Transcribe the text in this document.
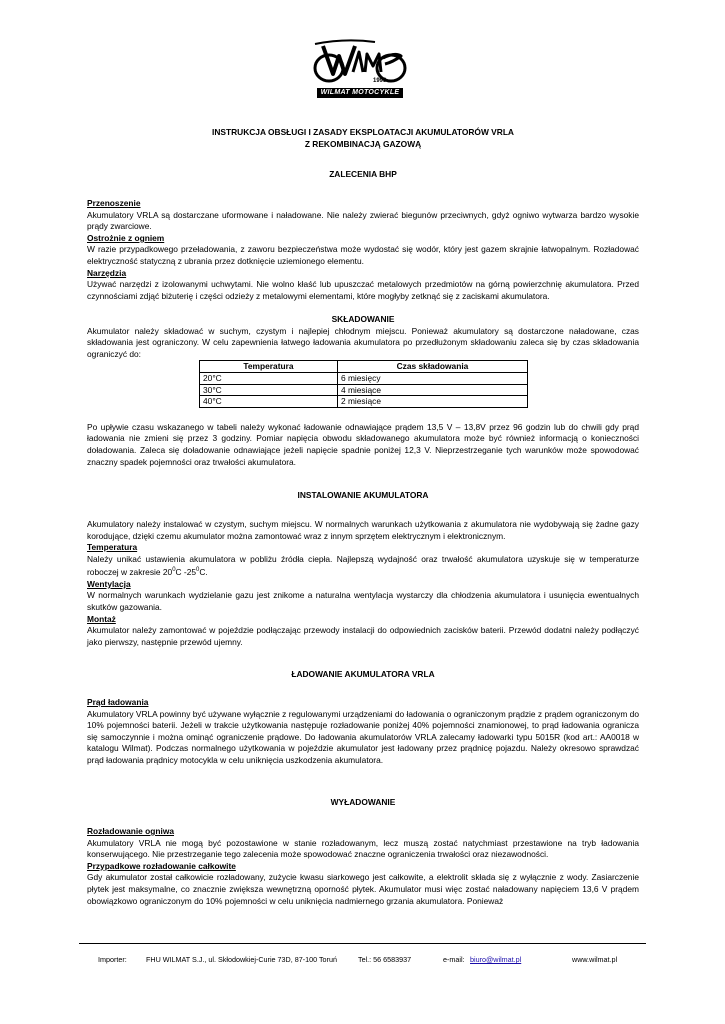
1993
WILMAT MOTOCYKLE
INSTRUKCJA OBSŁUGI I ZASADY EKSPLOATACJI AKUMULATORÓW VRLA
Z REKOMBINACJĄ GAZOWĄ
ZALECENIA BHP
Przenoszenie
Akumulatory VRLA są dostarczane uformowane i naładowane. Nie należy zwierać biegunów przeciwnych, gdyż ogniwo wytwarza bardzo wysokie prądy zwarciowe.
Ostrożnie z ogniem
W razie przypadkowego przeładowania, z zaworu bezpieczeństwa może wydostać się wodór, który jest gazem skrajnie łatwopalnym. Rozładować elektryczność statyczną z ubrania przez dotknięcie uziemionego elementu.
Narzędzia
Używać narzędzi z izolowanymi uchwytami. Nie wolno kłaść lub upuszczać metalowych przedmiotów na górną powierzchnię akumulatora. Przed czynnościami zdjąć biżuterię i części odzieży z metalowymi elementami, które mogłyby zetknąć się z zaciskami akumulatora.
SKŁADOWANIE
Akumulator należy składować w suchym, czystym i najlepiej chłodnym miejscu. Ponieważ akumulatory są dostarczone naładowane, czas składowania jest ograniczony. W celu zapewnienia łatwego ładowania akumulatora po przedłużonym składowaniu zaleca się by czas składowania ograniczyć do:
Temperatura	Czas składowania
20°C	6 miesięcy
30°C	4 miesiące
40°C	2 miesiące
Po upływie czasu wskazanego w tabeli należy wykonać ładowanie odnawiające prądem 13,5 V – 13,8V przez 96 godzin lub do chwili gdy prąd ładowania nie zmieni się przez 3 godziny. Pomiar napięcia obwodu składowanego akumulatora może być również informacją o konieczności doładowania. Zaleca się doładowanie odnawiające jeżeli napięcie spadnie poniżej 12,3 V. Nieprzestrzeganie tych warunków może spowodować znaczny spadek pojemności oraz trwałości akumulatora.
INSTALOWANIE AKUMULATORA
Akumulatory należy instalować w czystym, suchym miejscu. W normalnych warunkach użytkowania z akumulatora nie wydobywają się żadne gazy korodujące, dzięki czemu akumulator można zamontować wraz z innym sprzętem elektrycznym i elektronicznym.
Temperatura
Należy unikać ustawienia akumulatora w pobliżu źródła ciepła. Najlepszą wydajność oraz trwałość akumulatora uzyskuje się w temperaturze roboczej w zakresie $20^0C$ $-25^0C$.
Wentylacja
W normalnych warunkach wydzielanie gazu jest znikome a naturalna wentylacja wystarczy dla chłodzenia akumulatora i usunięcia ewentualnych skutków gazowania.
Montaż
Akumulator należy zamontować w pojeździe podłączając przewody instalacji do odpowiednich zacisków baterii. Przewód dodatni należy podłączyć jako pierwszy, następnie przewód ujemny.
ŁADOWANIE AKUMULATORA VRLA
Prąd ładowania
Akumulatory VRLA powinny być używane wyłącznie z regulowanymi urządzeniami do ładowania o ograniczonym prądzie z prądem ograniczonym do 10% pojemności baterii. Jeżeli w trakcie użytkowania następuje rozładowanie poniżej 40% pojemności znamionowej, to prąd ładowania ogranicza się samoczynnie i można ominąć ograniczenie prądowe. Do ładowania akumulatorów VRLA zalecamy ładowarki typu 5015R (kod art.: AA0018 w katalogu Wilmat). Podczas normalnego użytkowania w pojeździe akumulator jest ładowany przez prądnicę pojazdu. Należy okresowo sprawdzać prąd ładowania prądnicy motocykla w celu uniknięcia uszkodzenia akumulatora.
WYŁADOWANIE
Rozładowanie ogniwa
Akumulatory VRLA nie mogą być pozostawione w stanie rozładowanym, lecz muszą zostać natychmiast przestawione na tryb ładowania konserwującego. Nie przestrzeganie tego zalecenia może spowodować znaczne ograniczenia trwałości oraz niezawodności.
Przypadkowe rozładowanie całkowite
Gdy akumulator został całkowicie rozładowany, zużycie kwasu siarkowego jest całkowite, a elektrolit składa się z wyłącznie z wody. Zasiarczenie płytek jest maksymalne, co znacznie zwiększa wewnętrzną oporność płytek. Akumulator musi więc zostać naładowany napięciem 13,6 V prądem obowiązkowo ograniczonym do 10% pojemności w celu uniknięcia nadmiernego grzania akumulatora. Ponieważ
Importer:	FHU WILMAT S.J., ul. Skłodowkiej-Curie 73D, 87-100 Toruń	Tel.: 56 6583937	e-mail: biuro@wilmat.pl	www.wilmat.pl
